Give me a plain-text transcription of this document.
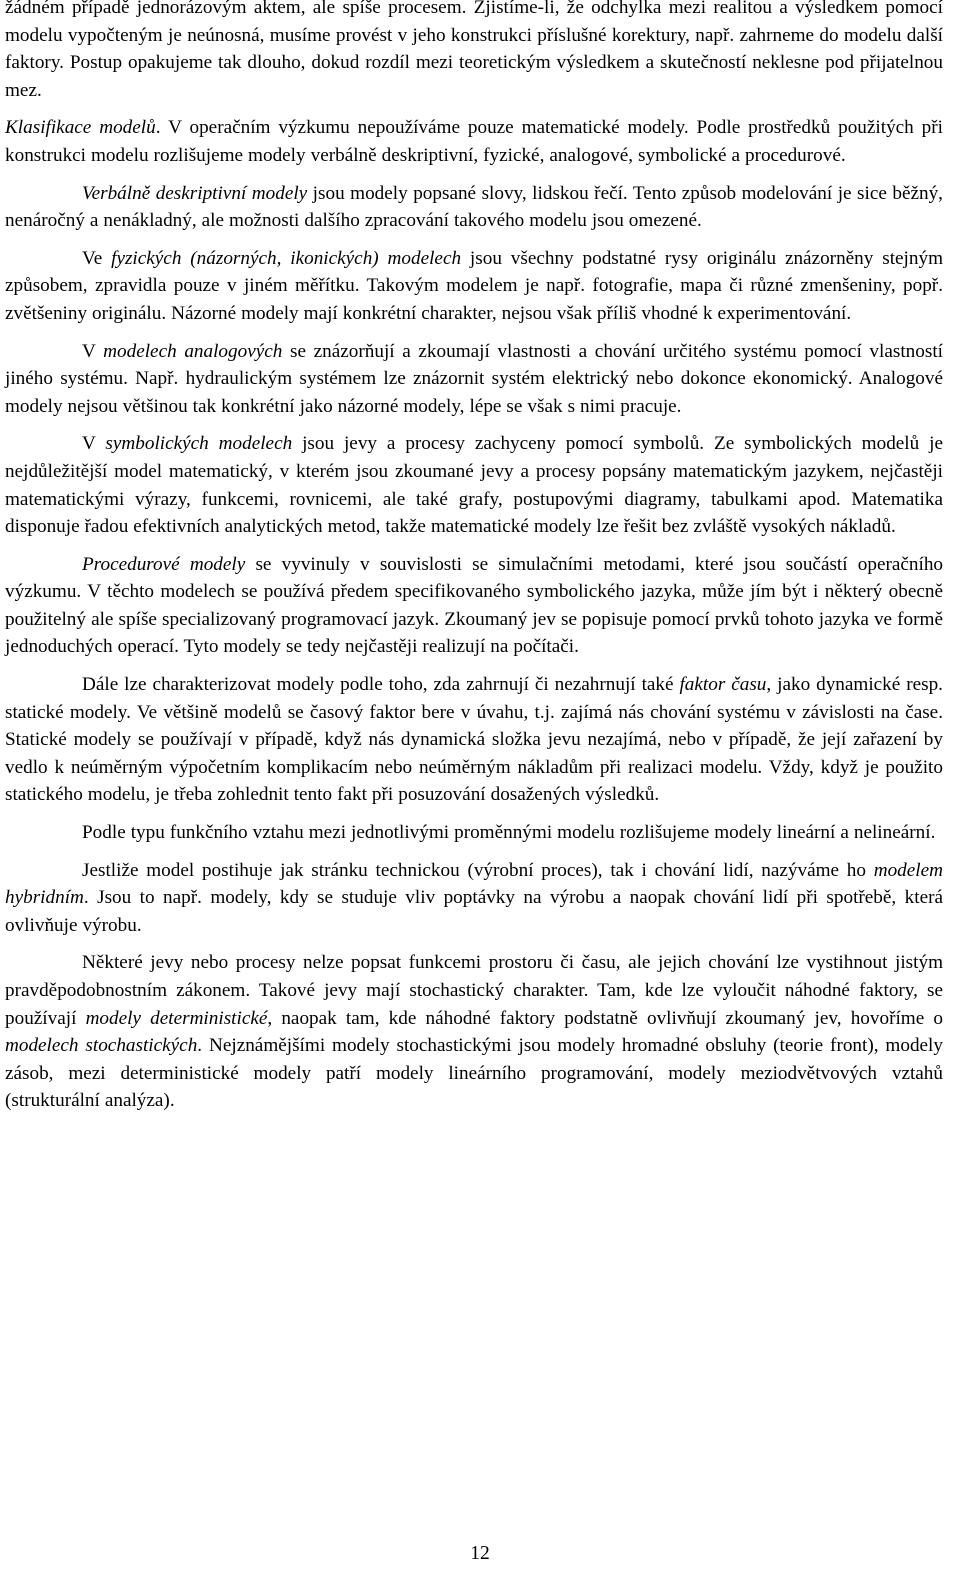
žádném případě jednorázovým aktem, ale spíše procesem. Zjistíme-li, že odchylka mezi realitou a výsledkem pomocí modelu vypočteným je neúnosná, musíme provést v jeho konstrukci příslušné korektury, např. zahrneme do modelu další faktory. Postup opakujeme tak dlouho, dokud rozdíl mezi teoretickým výsledkem a skutečností neklesne pod přijatelnou mez.

Klasifikace modelů. V operačním výzkumu nepoužíváme pouze matematické modely. Podle prostředků použitých při konstrukci modelu rozlišujeme modely verbálně deskriptivní, fyzické, analogové, symbolické a procedurové.

Verbálně deskriptivní modely jsou modely popsané slovy, lidskou řečí. Tento způsob modelování je sice běžný, nenáročný a nenákladný, ale možnosti dalšího zpracování takového modelu jsou omezené.

Ve fyzických (názorných, ikonických) modelech jsou všechny podstatné rysy originálu znázorněny stejným způsobem, zpravidla pouze v jiném měřítku. Takovým modelem je např. fotografie, mapa či různé zmenšeniny, popř. zvětšeniny originálu. Názorné modely mají konkrétní charakter, nejsou však příliš vhodné k experimentování.

V modelech analogových se znázorňují a zkoumají vlastnosti a chování určitého systému pomocí vlastností jiného systému. Např. hydraulickým systémem lze znázornit systém elektrický nebo dokonce ekonomický. Analogové modely nejsou většinou tak konkrétní jako názorné modely, lépe se však s nimi pracuje.

V symbolických modelech jsou jevy a procesy zachyceny pomocí symbolů. Ze symbolických modelů je nejdůležitější model matematický, v kterém jsou zkoumané jevy a procesy popsány matematickým jazykem, nejčastěji matematickými výrazy, funkcemi, rovnicemi, ale také grafy, postupovými diagramy, tabulkami apod. Matematika disponuje řadou efektivních analytických metod, takže matematické modely lze řešit bez zvláště vysokých nákladů.

Procedurové modely se vyvinuly v souvislosti se simulačními metodami, které jsou součástí operačního výzkumu. V těchto modelech se používá předem specifikovaného symbolického jazyka, může jím být i některý obecně použitelný ale spíše specializovaný programovací jazyk. Zkoumaný jev se popisuje pomocí prvků tohoto jazyka ve formě jednoduchých operací. Tyto modely se tedy nejčastěji realizují na počítači.

Dále lze charakterizovat modely podle toho, zda zahrnují či nezahrnují také faktor času, jako dynamické resp. statické modely. Ve většině modelů se časový faktor bere v úvahu, t.j. zajímá nás chování systému v závislosti na čase. Statické modely se používají v případě, když nás dynamická složka jevu nezajímá, nebo v případě, že její zařazení by vedlo k neúměrným výpočetním komplikacím nebo neúměrným nákladům při realizaci modelu. Vždy, když je použito statického modelu, je třeba zohlednit tento fakt při posuzování dosažených výsledků.

Podle typu funkčního vztahu mezi jednotlivými proměnnými modelu rozlišujeme modely lineární a nelineární.

Jestliže model postihuje jak stránku technickou (výrobní proces), tak i chování lidí, nazýváme ho modelem hybridním. Jsou to např. modely, kdy se studuje vliv poptávky na výrobu a naopak chování lidí při spotřebě, která ovlivňuje výrobu.

Některé jevy nebo procesy nelze popsat funkcemi prostoru či času, ale jejich chování lze vystihnout jistým pravděpodobnostním zákonem. Takové jevy mají stochastický charakter. Tam, kde lze vyloučit náhodné faktory, se používají modely deterministické, naopak tam, kde náhodné faktory podstatně ovlivňují zkoumaný jev, hovoříme o modelech stochastických. Nejznámějšími modely stochastickými jsou modely hromadné obsluhy (teorie front), modely zásob, mezi deterministické modely patří modely lineárního programování, modely meziodvětvových vztahů (strukturální analýza).

12
